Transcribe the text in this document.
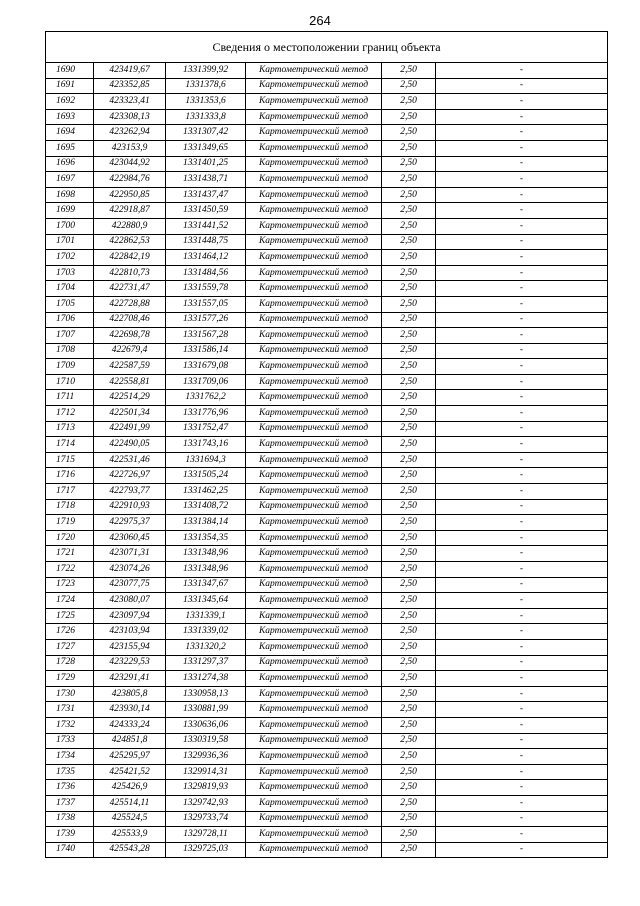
264
Сведения о местоположении границ объекта					
1690	423419,67	1331399,92	Картометрический метод	2,50	-
1691	423352,85	1331378,6	Картометрический метод	2,50	-
1692	423323,41	1331353,6	Картометрический метод	2,50	-
1693	423308,13	1331333,8	Картометрический метод	2,50	-
1694	423262,94	1331307,42	Картометрический метод	2,50	-
1695	423153,9	1331349,65	Картометрический метод	2,50	-
1696	423044,92	1331401,25	Картометрический метод	2,50	-
1697	422984,76	1331438,71	Картометрический метод	2,50	-
1698	422950,85	1331437,47	Картометрический метод	2,50	-
1699	422918,87	1331450,59	Картометрический метод	2,50	-
1700	422880,9	1331441,52	Картометрический метод	2,50	-
1701	422862,53	1331448,75	Картометрический метод	2,50	-
1702	422842,19	1331464,12	Картометрический метод	2,50	-
1703	422810,73	1331484,56	Картометрический метод	2,50	-
1704	422731,47	1331559,78	Картометрический метод	2,50	-
1705	422728,88	1331557,05	Картометрический метод	2,50	-
1706	422708,46	1331577,26	Картометрический метод	2,50	-
1707	422698,78	1331567,28	Картометрический метод	2,50	-
1708	422679,4	1331586,14	Картометрический метод	2,50	-
1709	422587,59	1331679,08	Картометрический метод	2,50	-
1710	422558,81	1331709,06	Картометрический метод	2,50	-
1711	422514,29	1331762,2	Картометрический метод	2,50	-
1712	422501,34	1331776,96	Картометрический метод	2,50	-
1713	422491,99	1331752,47	Картометрический метод	2,50	-
1714	422490,05	1331743,16	Картометрический метод	2,50	-
1715	422531,46	1331694,3	Картометрический метод	2,50	-
1716	422726,97	1331505,24	Картометрический метод	2,50	-
1717	422793,77	1331462,25	Картометрический метод	2,50	-
1718	422910,93	1331408,72	Картометрический метод	2,50	-
1719	422975,37	1331384,14	Картометрический метод	2,50	-
1720	423060,45	1331354,35	Картометрический метод	2,50	-
1721	423071,31	1331348,96	Картометрический метод	2,50	-
1722	423074,26	1331348,96	Картометрический метод	2,50	-
1723	423077,75	1331347,67	Картометрический метод	2,50	-
1724	423080,07	1331345,64	Картометрический метод	2,50	-
1725	423097,94	1331339,1	Картометрический метод	2,50	-
1726	423103,94	1331339,02	Картометрический метод	2,50	-
1727	423155,94	1331320,2	Картометрический метод	2,50	-
1728	423229,53	1331297,37	Картометрический метод	2,50	-
1729	423291,41	1331274,38	Картометрический метод	2,50	-
1730	423805,8	1330958,13	Картометрический метод	2,50	-
1731	423930,14	1330881,99	Картометрический метод	2,50	-
1732	424333,24	1330636,06	Картометрический метод	2,50	-
1733	424851,8	1330319,58	Картометрический метод	2,50	-
1734	425295,97	1329936,36	Картометрический метод	2,50	-
1735	425421,52	1329914,31	Картометрический метод	2,50	-
1736	425426,9	1329819,93	Картометрический метод	2,50	-
1737	425514,11	1329742,93	Картометрический метод	2,50	-
1738	425524,5	1329733,74	Картометрический метод	2,50	-
1739	425533,9	1329728,11	Картометрический метод	2,50	-
1740	425543,28	1329725,03	Картометрический метод	2,50	-
